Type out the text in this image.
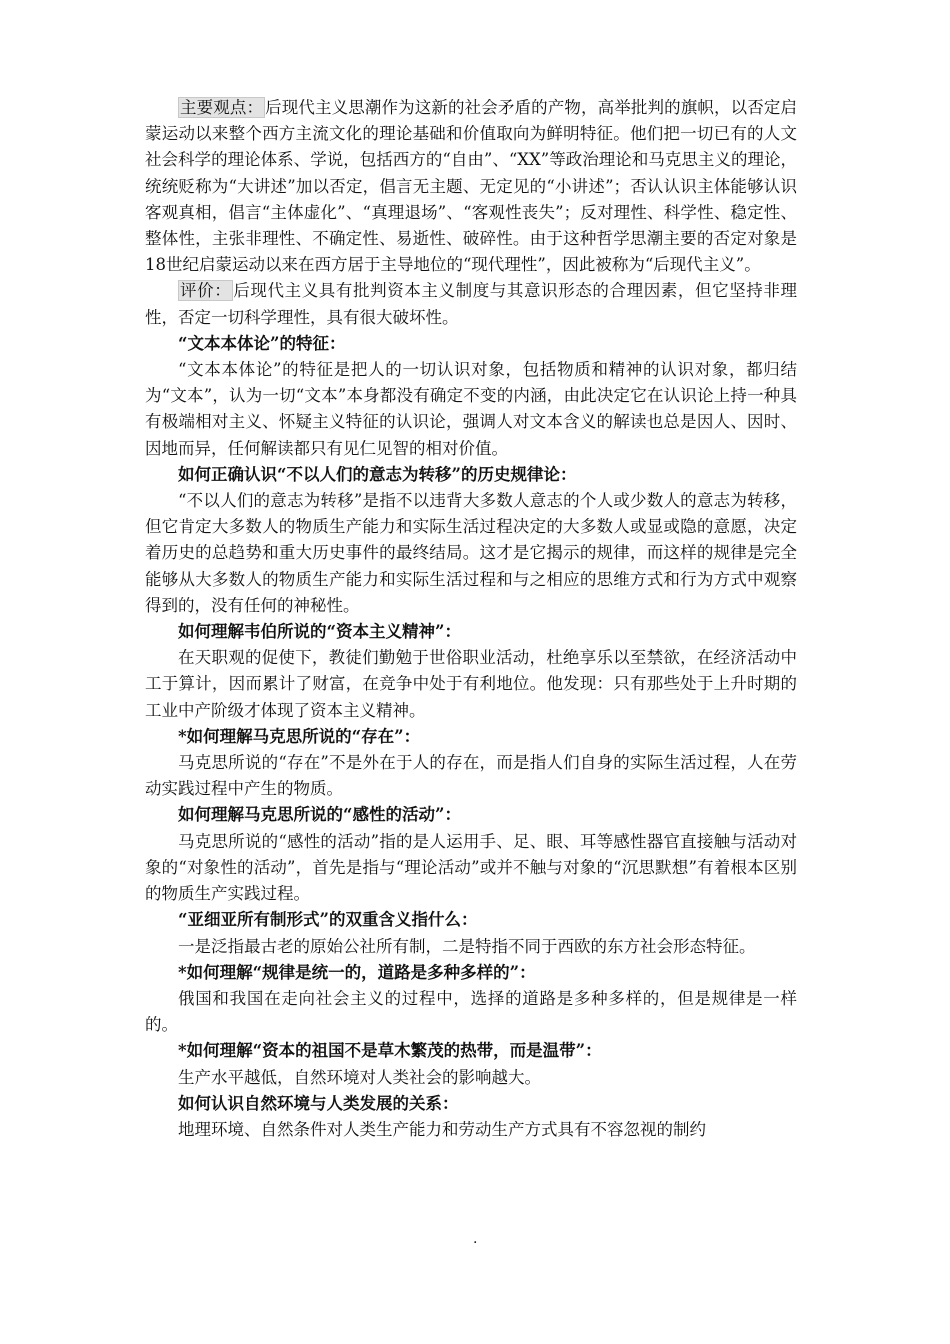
主要观点： 后现代主义思潮作为这新的社会矛盾的产物，高举批判的旗帜，以否定启蒙运动以来整个西方主流文化的理论基础和价值取向为鲜明特征。他们把一切已有的人文社会科学的理论体系、学说，包括西方的“自由”、“XX”等政治理论和马克思主义的理论，统统贬称为“大讲述”加以否定，倡言无主题、无定见的“小讲述”；否认认识主体能够认识客观真相，倡言“主体虚化”、“真理退场”、“客观性丧失”；反对理性、科学性、稳定性、整体性，主张非理性、不确定性、易逝性、破碎性。由于这种哲学思潮主要的否定对象是 18世纪启蒙运动以来在西方居于主导地位的“现代理性”，因此被称为“后现代主义”。

评价： 后现代主义具有批判资本主义制度与其意识形态的合理因素，但它坚持非理性，否定一切科学理性，具有很大破坏性。

“文本本体论”的特征：

“文本本体论”的特征是把人的一切认识对象，包括物质和精神的认识对象，都归结为“文本”，认为一切“文本”本身都没有确定不变的内涵，由此决定它在认识论上持一种具有极端相对主义、怀疑主义特征的认识论，强调人对文本含义的解读也总是因人、因时、因地而异，任何解读都只有见仁见智的相对价值。

如何正确认识“不以人们的意志为转移”的历史规律论：

“不以人们的意志为转移”是指不以违背大多数人意志的个人或少数人的意志为转移，但它肯定大多数人的物质生产能力和实际生活过程决定的大多数人或显或隐的意愿，决定着历史的总趋势和重大历史事件的最终结局。这才是它揭示的规律，而这样的规律是完全能够从大多数人的物质生产能力和实际生活过程和与之相应的思维方式和行为方式中观察得到的，没有任何的神秘性。

如何理解韦伯所说的“资本主义精神”：

在天职观的促使下，教徒们勤勉于世俗职业活动，杜绝享乐以至禁欲，在经济活动中工于算计，因而累计了财富，在竞争中处于有利地位。他发现：只有那些处于上升时期的工业中产阶级才体现了资本主义精神。

*如何理解马克思所说的“存在”：

马克思所说的“存在”不是外在于人的存在，而是指人们自身的实际生活过程，人在劳动实践过程中产生的物质。

如何理解马克思所说的“感性的活动”：

马克思所说的“感性的活动”指的是人运用手、足、眼、耳等感性器官直接触与活动对象的“对象性的活动”，首先是指与“理论活动”或并不触与对象的“沉思默想”有着根本区别的物质生产实践过程。

“亚细亚所有制形式”的双重含义指什么：

一是泛指最古老的原始公社所有制，二是特指不同于西欧的东方社会形态特征。

*如何理解“规律是统一的，道路是多种多样的”：

俄国和我国在走向社会主义的过程中，选择的道路是多种多样的，但是规律是一样的。

*如何理解“资本的祖国不是草木繁茂的热带，而是温带”：

生产水平越低，自然环境对人类社会的影响越大。

如何认识自然环境与人类发展的关系：

地理环境、自然条件对人类生产能力和劳动生产方式具有不容忽视的制约

.
